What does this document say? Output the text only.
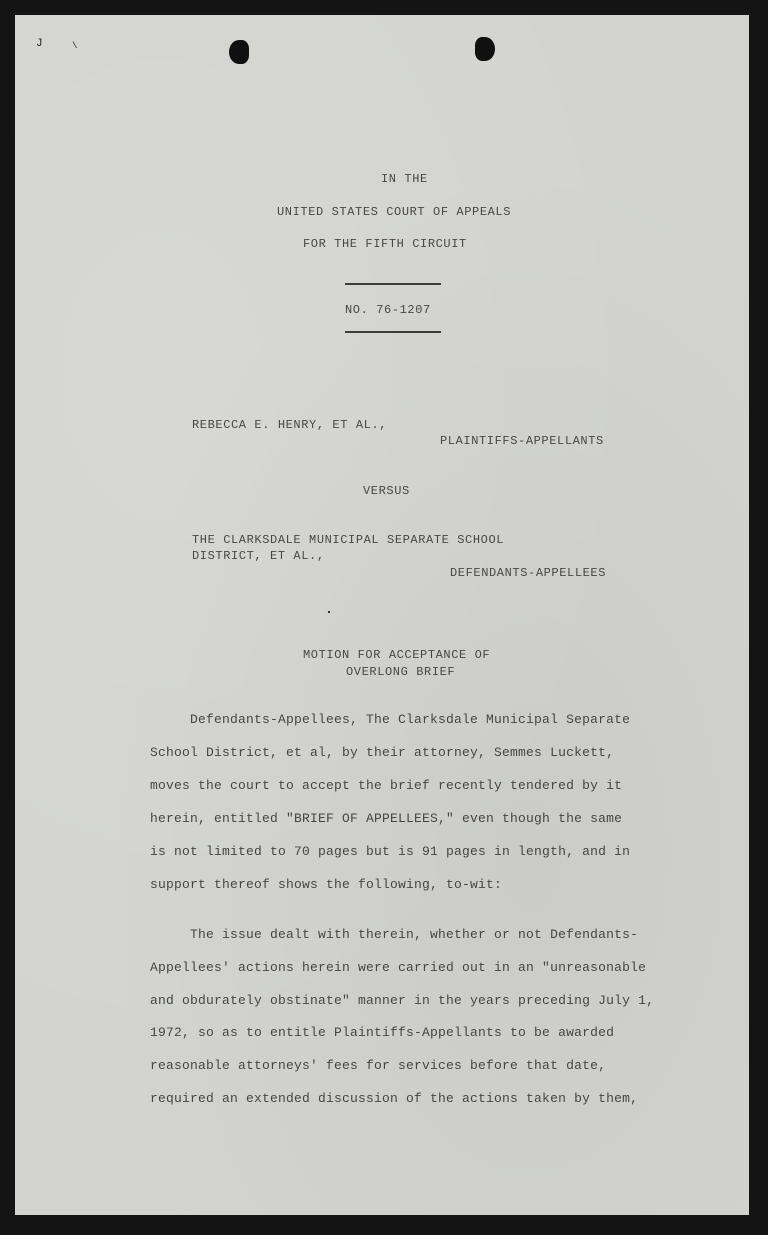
J	\
IN THE
UNITED STATES COURT OF APPEALS
FOR THE FIFTH CIRCUIT
NO. 76-1207
REBECCA E. HENRY, ET AL.,
PLAINTIFFS-APPELLANTS
VERSUS
THE CLARKSDALE MUNICIPAL SEPARATE SCHOOL
DISTRICT, ET AL.,
DEFENDANTS-APPELLEES
MOTION FOR ACCEPTANCE OF
OVERLONG BRIEF
Defendants-Appellees, The Clarksdale Municipal Separate
School District, et al, by their attorney, Semmes Luckett,
moves the court to accept the brief recently tendered by it
herein, entitled "BRIEF OF APPELLEES," even though the same
is not limited to 70 pages but is 91 pages in length, and in
support thereof shows the following, to-wit:
The issue dealt with therein, whether or not Defendants-
Appellees' actions herein were carried out in an "unreasonable
and obdurately obstinate" manner in the years preceding July 1,
1972, so as to entitle Plaintiffs-Appellants to be awarded
reasonable attorneys' fees for services before that date,
required an extended discussion of the actions taken by them,
